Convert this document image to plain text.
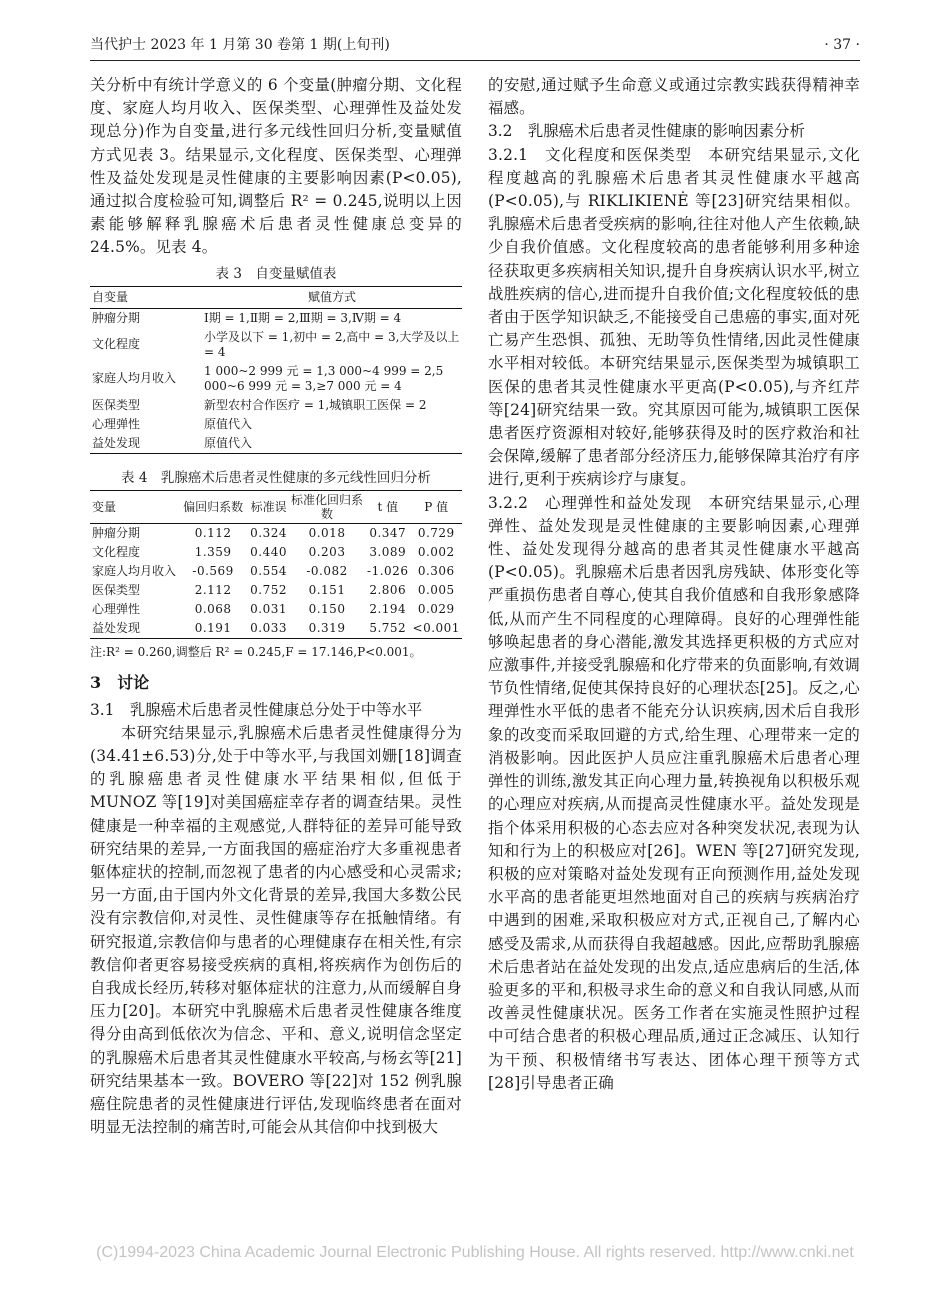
当代护士 2023 年 1 月第 30 卷第 1 期(上旬刊)	· 37 ·

关分析中有统计学意义的 6 个变量(肿瘤分期、文化程度、家庭人均月收入、医保类型、心理弹性及益处发现总分)作为自变量,进行多元线性回归分析,变量赋值方式见表 3。结果显示,文化程度、医保类型、心理弹性及益处发现是灵性健康的主要影响因素(P<0.05),通过拟合度检验可知,调整后 R² = 0.245,说明以上因素能够解释乳腺癌术后患者灵性健康总变异的 24.5%。见表 4。

表 3　自变量赋值表
自变量	赋值方式
肿瘤分期	Ⅰ期 = 1,Ⅱ期 = 2,Ⅲ期 = 3,Ⅳ期 = 4
文化程度	小学及以下 = 1,初中 = 2,高中 = 3,大学及以上 = 4
家庭人均月收入	1 000~2 999 元 = 1,3 000~4 999 = 2,5 000~6 999 元 = 3,≥7 000 元 = 4
医保类型	新型农村合作医疗 = 1,城镇职工医保 = 2
心理弹性	原值代入
益处发现	原值代入
表 4　乳腺癌术后患者灵性健康的多元线性回归分析
变量	偏回归系数	标准误	标准化回归系数	t 值	P 值
肿瘤分期	0.112	0.324	0.018	0.347	0.729
文化程度	1.359	0.440	0.203	3.089	0.002
家庭人均月收入	-0.569	0.554	-0.082	-1.026	0.306
医保类型	2.112	0.752	0.151	2.806	0.005
心理弹性	0.068	0.031	0.150	2.194	0.029
益处发现	0.191	0.033	0.319	5.752	<0.001
注:R² = 0.260,调整后 R² = 0.245,F = 17.146,P<0.001。
3　讨论
3.1　乳腺癌术后患者灵性健康总分处于中等水平

本研究结果显示,乳腺癌术后患者灵性健康得分为(34.41±6.53)分,处于中等水平,与我国刘姗[18]调查的乳腺癌患者灵性健康水平结果相似,但低于 MUNOZ 等[19]对美国癌症幸存者的调查结果。灵性健康是一种幸福的主观感觉,人群特征的差异可能导致研究结果的差异,一方面我国的癌症治疗大多重视患者躯体症状的控制,而忽视了患者的内心感受和心灵需求;另一方面,由于国内外文化背景的差异,我国大多数公民没有宗教信仰,对灵性、灵性健康等存在抵触情绪。有研究报道,宗教信仰与患者的心理健康存在相关性,有宗教信仰者更容易接受疾病的真相,将疾病作为创伤后的自我成长经历,转移对躯体症状的注意力,从而缓解自身压力[20]。本研究中乳腺癌术后患者灵性健康各维度得分由高到低依次为信念、平和、意义,说明信念坚定的乳腺癌术后患者其灵性健康水平较高,与杨玄等[21]研究结果基本一致。BOVERO 等[22]对 152 例乳腺癌住院患者的灵性健康进行评估,发现临终患者在面对明显无法控制的痛苦时,可能会从其信仰中找到极大

的安慰,通过赋予生命意义或通过宗教实践获得精神幸福感。

3.2　乳腺癌术后患者灵性健康的影响因素分析

3.2.1　文化程度和医保类型　 本研究结果显示,文化程度越高的乳腺癌术后患者其灵性健康水平越高(P<0.05),与 RIKLIKIENĖ 等[23]研究结果相似。乳腺癌术后患者受疾病的影响,往往对他人产生依赖,缺少自我价值感。文化程度较高的患者能够利用多种途径获取更多疾病相关知识,提升自身疾病认识水平,树立战胜疾病的信心,进而提升自我价值;文化程度较低的患者由于医学知识缺乏,不能接受自己患癌的事实,面对死亡易产生恐惧、孤独、无助等负性情绪,因此灵性健康水平相对较低。本研究结果显示,医保类型为城镇职工医保的患者其灵性健康水平更高(P<0.05),与齐红芹等[24]研究结果一致。究其原因可能为,城镇职工医保患者医疗资源相对较好,能够获得及时的医疗救治和社会保障,缓解了患者部分经济压力,能够保障其治疗有序进行,更利于疾病诊疗与康复。

3.2.2　心理弹性和益处发现　 本研究结果显示,心理弹性、益处发现是灵性健康的主要影响因素,心理弹性、益处发现得分越高的患者其灵性健康水平越高(P<0.05)。乳腺癌术后患者因乳房残缺、体形变化等严重损伤患者自尊心,使其自我价值感和自我形象感降低,从而产生不同程度的心理障碍。良好的心理弹性能够唤起患者的身心潜能,激发其选择更积极的方式应对应激事件,并接受乳腺癌和化疗带来的负面影响,有效调节负性情绪,促使其保持良好的心理状态[25]。反之,心理弹性水平低的患者不能充分认识疾病,因术后自我形象的改变而采取回避的方式,给生理、心理带来一定的消极影响。因此医护人员应注重乳腺癌术后患者心理弹性的训练,激发其正向心理力量,转换视角以积极乐观的心理应对疾病,从而提高灵性健康水平。益处发现是指个体采用积极的心态去应对各种突发状况,表现为认知和行为上的积极应对[26]。WEN 等[27]研究发现,积极的应对策略对益处发现有正向预测作用,益处发现水平高的患者能更坦然地面对自己的疾病与疾病治疗中遇到的困难,采取积极应对方式,正视自己,了解内心感受及需求,从而获得自我超越感。因此,应帮助乳腺癌术后患者站在益处发现的出发点,适应患病后的生活,体验更多的平和,积极寻求生命的意义和自我认同感,从而改善灵性健康状况。医务工作者在实施灵性照护过程中可结合患者的积极心理品质,通过正念减压、认知行为干预、积极情绪书写表达、团体心理干预等方式[28]引导患者正确

(C)1994-2023 China Academic Journal Electronic Publishing House. All rights reserved. http://www.cnki.net
